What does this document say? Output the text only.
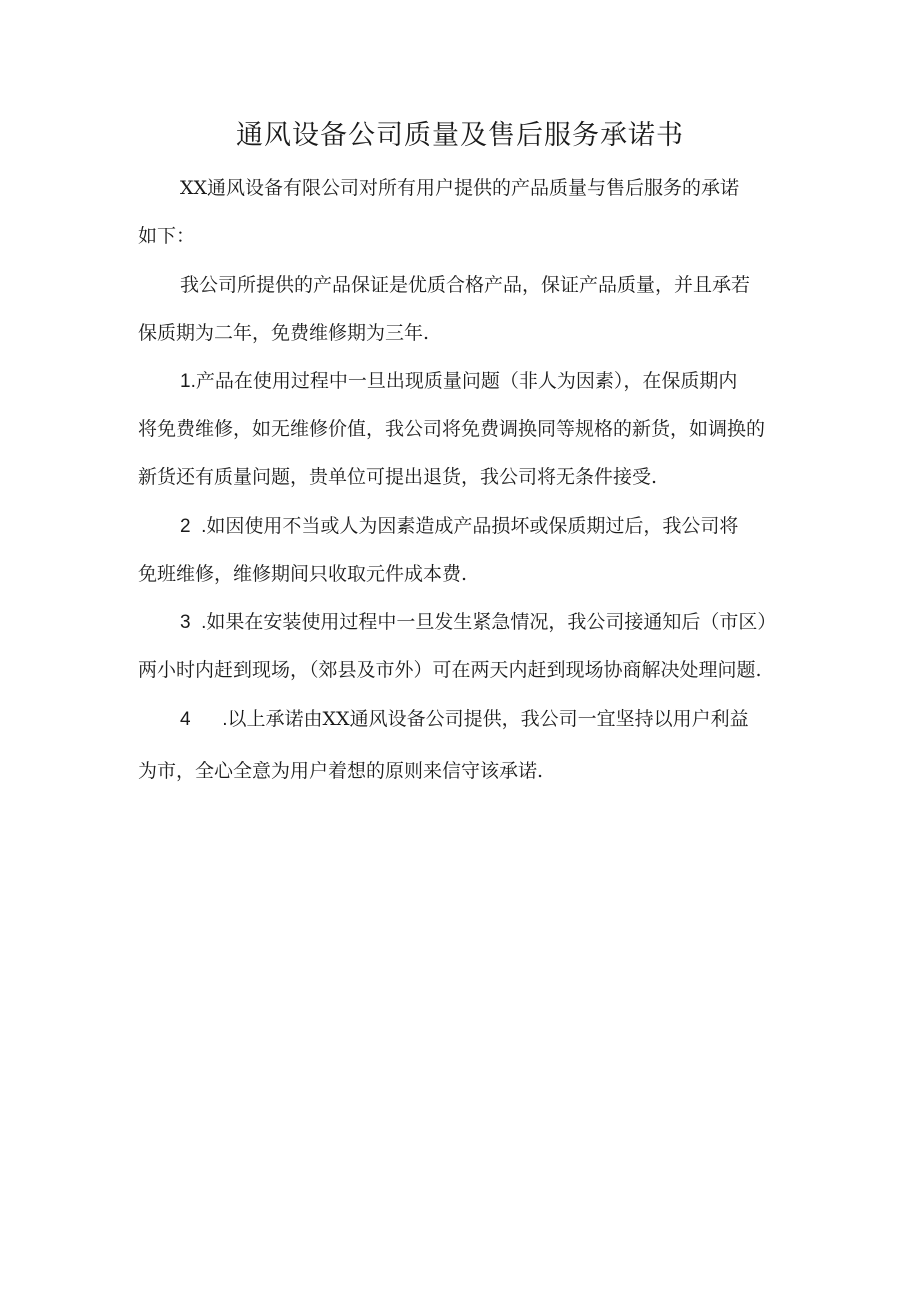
通风设备公司质量及售后服务承诺书

XX通风设备有限公司对所有用户提供的产品质量与售后服务的承诺

如下：

我公司所提供的产品保证是优质合格产品，保证产品质量，并且承若

保质期为二年，免费维修期为三年.

1.产品在使用过程中一旦出现质量问题（非人为因素），在保质期内

将免费维修，如无维修价值，我公司将免费调换同等规格的新货，如调换的

新货还有质量问题，贵单位可提出退货，我公司将无条件接受.

2  .如因使用不当或人为因素造成产品损坏或保质期过后，我公司将

免班维修，维修期间只收取元件成本费.

3  .如果在安装使用过程中一旦发生紧急情况，我公司接通知后（市区）

两小时内赶到现场，（郊县及市外）可在两天内赶到现场协商解决处理问题.

4      .以上承诺由XX通风设备公司提供，我公司一宜坚持以用户利益

为市，全心全意为用户着想的原则来信守该承诺.
